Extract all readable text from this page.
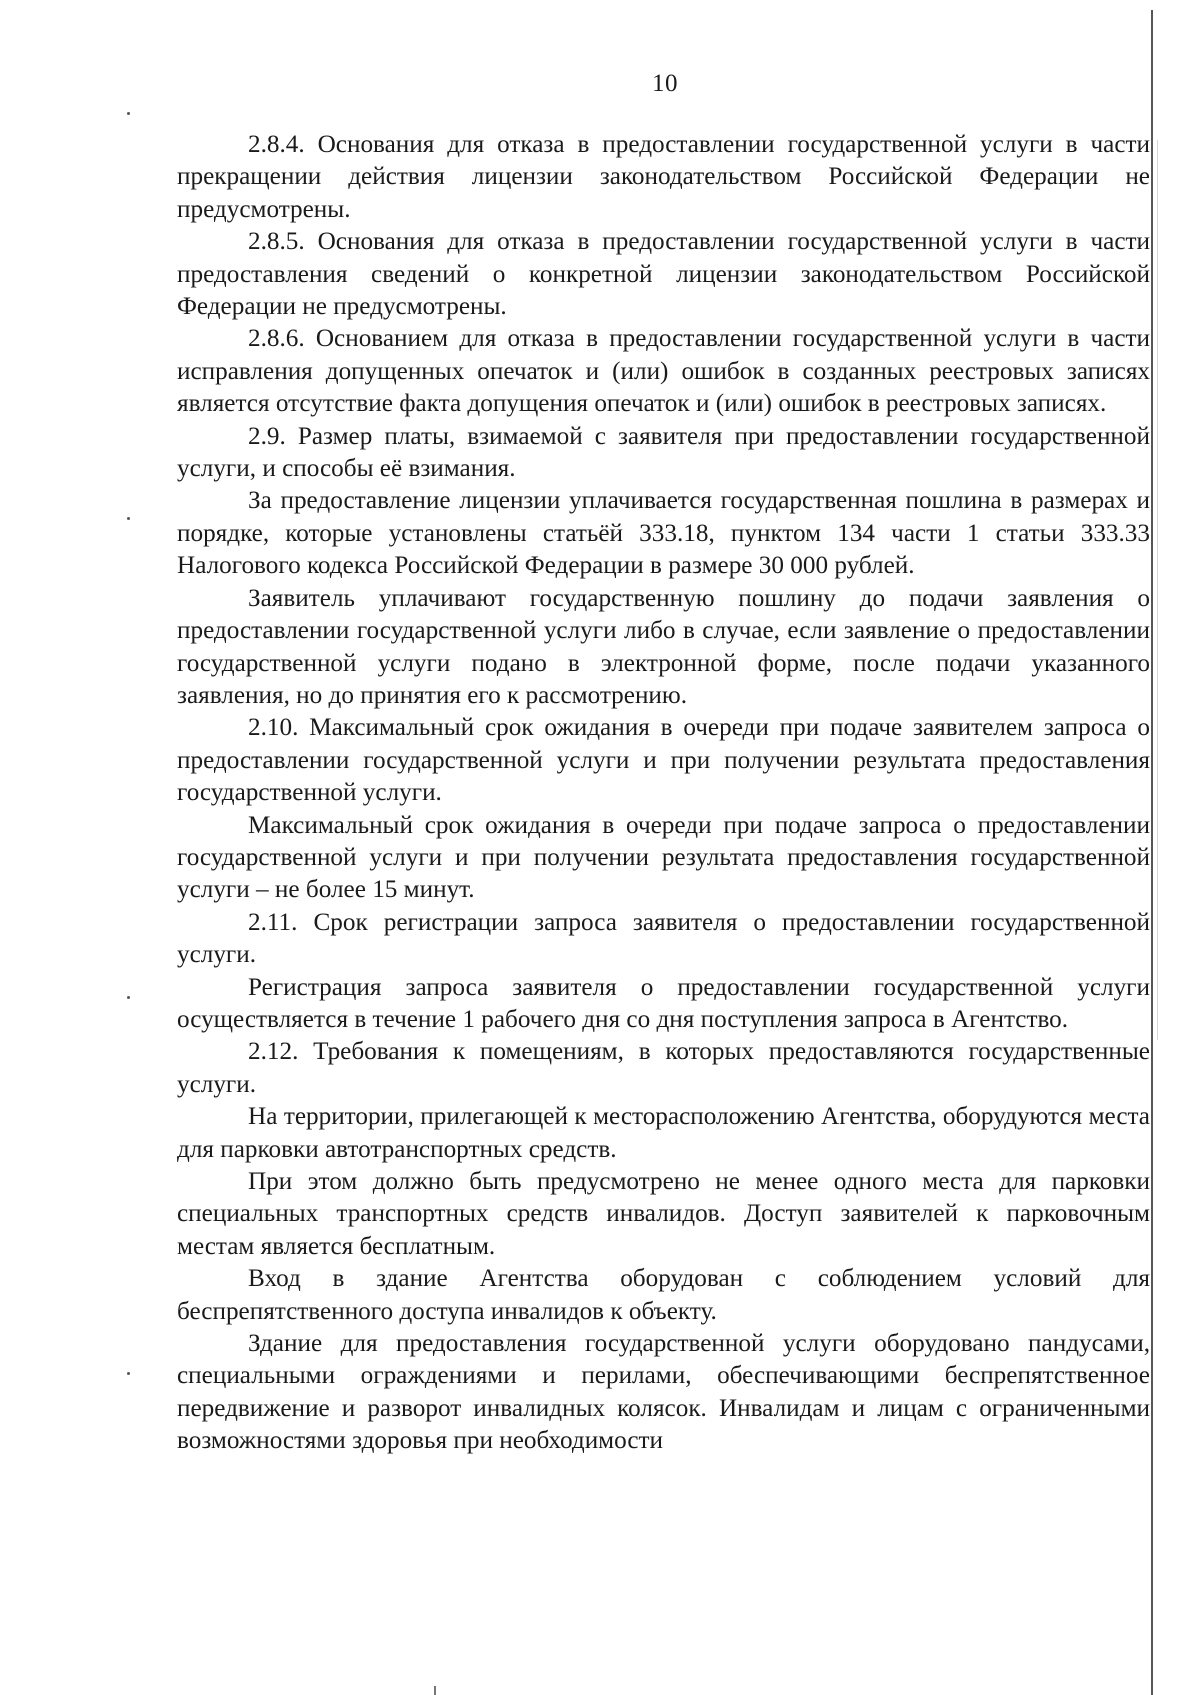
10

2.8.4. Основания для отказа в предоставлении государственной услуги в части прекращении действия лицензии законодательством Российской Федерации не предусмотрены.

2.8.5. Основания для отказа в предоставлении государственной услуги в части предоставления сведений о конкретной лицензии законодательством Российской Федерации не предусмотрены.

2.8.6. Основанием для отказа в предоставлении государственной услуги в части исправления допущенных опечаток и (или) ошибок в созданных реестровых записях является отсутствие факта допущения опечаток и (или) ошибок в реестровых записях.

2.9. Размер платы, взимаемой с заявителя при предоставлении государственной услуги, и способы её взимания.

За предоставление лицензии уплачивается государственная пошлина в размерах и порядке, которые установлены статьёй 333.18, пунктом 134 части 1 статьи 333.33 Налогового кодекса Российской Федерации в размере 30 000 рублей.

Заявитель уплачивают государственную пошлину до подачи заявления о предоставлении государственной услуги либо в случае, если заявление о предоставлении государственной услуги подано в электронной форме, после подачи указанного заявления, но до принятия его к рассмотрению.

2.10. Максимальный срок ожидания в очереди при подаче заявителем запроса о предоставлении государственной услуги и при получении результата предоставления государственной услуги.

Максимальный срок ожидания в очереди при подаче запроса о предоставлении государственной услуги и при получении результата предоставления государственной услуги – не более 15 минут.

2.11. Срок регистрации запроса заявителя о предоставлении государственной услуги.

Регистрация запроса заявителя о предоставлении государственной услуги осуществляется в течение 1 рабочего дня со дня поступления запроса в Агентство.

2.12. Требования к помещениям, в которых предоставляются государственные услуги.

На территории, прилегающей к месторасположению Агентства, оборудуются места для парковки автотранспортных средств.

При этом должно быть предусмотрено не менее одного места для парковки специальных транспортных средств инвалидов. Доступ заявителей к парковочным местам является бесплатным.

Вход в здание Агентства оборудован с соблюдением условий для беспрепятственного доступа инвалидов к объекту.

Здание для предоставления государственной услуги оборудовано пандусами, специальными ограждениями и перилами, обеспечивающими беспрепятственное передвижение и разворот инвалидных колясок. Инвалидам и лицам с ограниченными возможностями здоровья при необходимости
